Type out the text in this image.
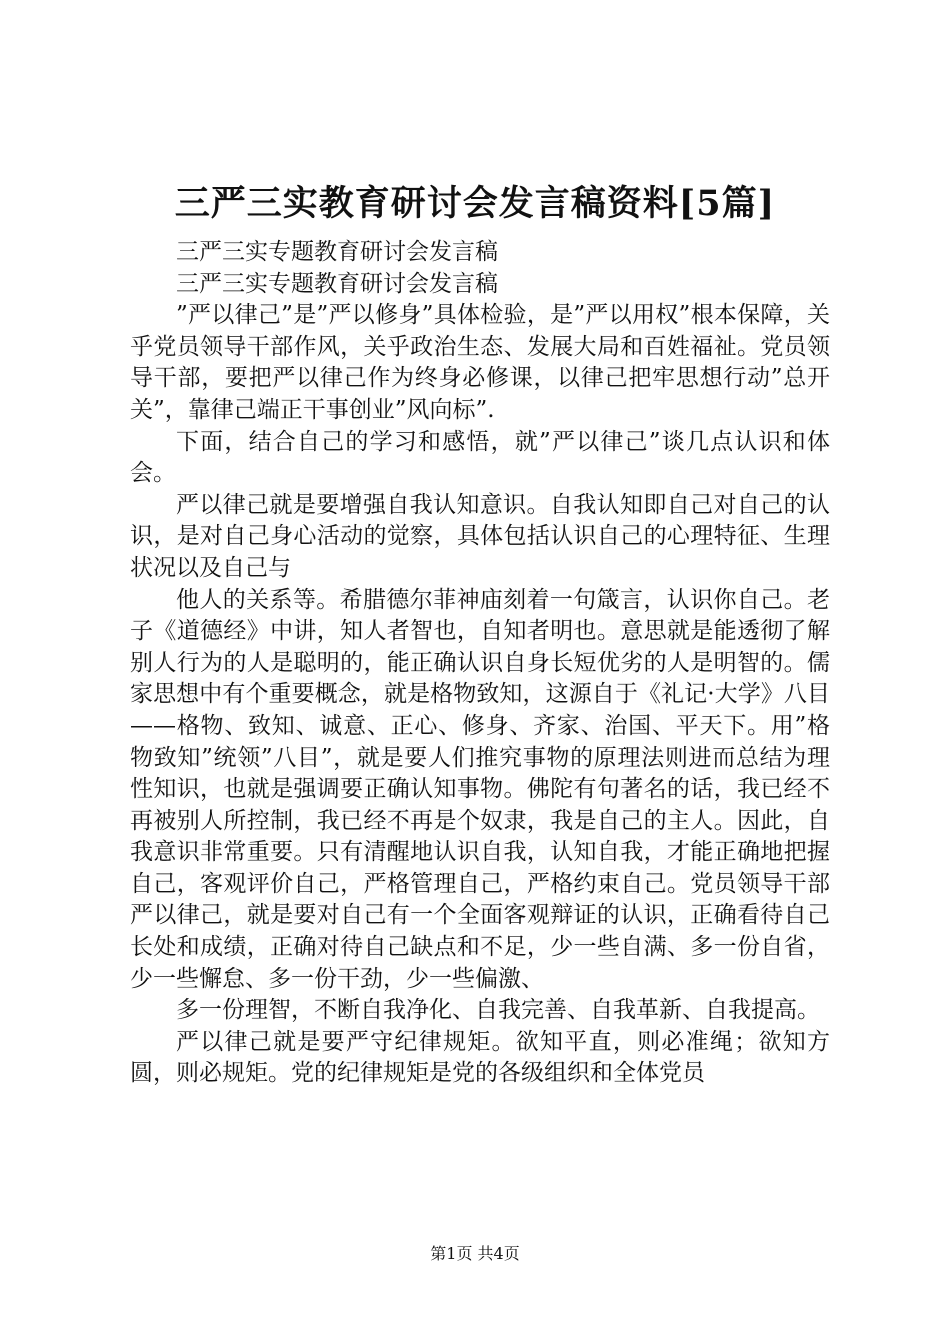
三严三实教育研讨会发言稿资料[5篇]

三严三实专题教育研讨会发言稿

三严三实专题教育研讨会发言稿

”严以律己”是”严以修身”具体检验，是”严以用权”根本保障，关乎党员领导干部作风，关乎政治生态、发展大局和百姓福祉。党员领导干部，要把严以律己作为终身必修课，以律己把牢思想行动”总开关”，靠律己端正干事创业”风向标”.

下面，结合自己的学习和感悟，就”严以律己”谈几点认识和体会。

严以律己就是要增强自我认知意识。自我认知即自己对自己的认识，是对自己身心活动的觉察，具体包括认识自己的心理特征、生理状况以及自己与

他人的关系等。希腊德尔菲神庙刻着一句箴言，认识你自己。老子《道德经》中讲，知人者智也，自知者明也。意思就是能透彻了解别人行为的人是聪明的，能正确认识自身长短优劣的人是明智的。儒家思想中有个重要概念，就是格物致知，这源自于《礼记·大学》八目——格物、致知、诚意、正心、修身、齐家、治国、平天下。用”格物致知”统领”八目”，就是要人们推究事物的原理法则进而总结为理性知识，也就是强调要正确认知事物。佛陀有句著名的话，我已经不再被别人所控制，我已经不再是个奴隶，我是自己的主人。因此，自我意识非常重要。只有清醒地认识自我，认知自我，才能正确地把握自己，客观评价自己，严格管理自己，严格约束自己。党员领导干部严以律己，就是要对自己有一个全面客观辩证的认识，正确看待自己长处和成绩，正确对待自己缺点和不足，少一些自满、多一份自省，少一些懈怠、多一份干劲，少一些偏激、

多一份理智，不断自我净化、自我完善、自我革新、自我提高。

严以律己就是要严守纪律规矩。欲知平直，则必准绳；欲知方圆，则必规矩。党的纪律规矩是党的各级组织和全体党员

第1页 共4页
